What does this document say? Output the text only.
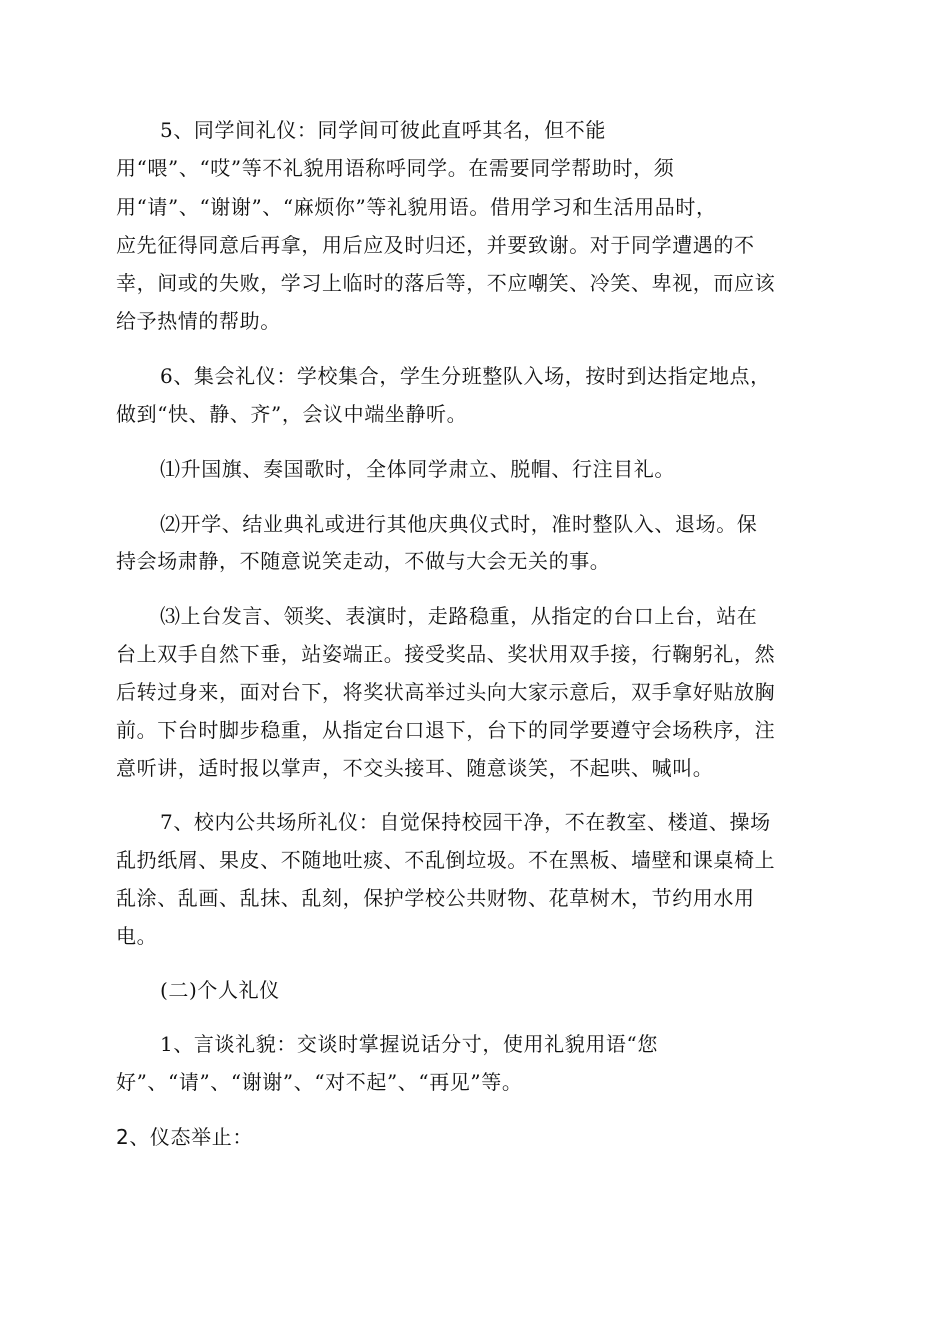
5、同学间礼仪：同学间可彼此直呼其名，但不能
用“喂”、“哎”等不礼貌用语称呼同学。在需要同学帮助时，须
用“请”、“谢谢”、“麻烦你”等礼貌用语。借用学习和生活用品时，
应先征得同意后再拿，用后应及时归还，并要致谢。对于同学遭遇的不
幸，间或的失败，学习上临时的落后等，不应嘲笑、冷笑、卑视，而应该
给予热情的帮助。
6、集会礼仪：学校集合，学生分班整队入场，按时到达指定地点，
做到“快、静、齐”，会议中端坐静听。
⑴升国旗、奏国歌时，全体同学肃立、脱帽、行注目礼。
⑵开学、结业典礼或进行其他庆典仪式时，准时整队入、退场。保
持会场肃静，不随意说笑走动，不做与大会无关的事。
⑶上台发言、领奖、表演时，走路稳重，从指定的台口上台，站在
台上双手自然下垂，站姿端正。接受奖品、奖状用双手接，行鞠躬礼，然
后转过身来，面对台下，将奖状高举过头向大家示意后，双手拿好贴放胸
前。下台时脚步稳重，从指定台口退下，台下的同学要遵守会场秩序，注
意听讲，适时报以掌声，不交头接耳、随意谈笑，不起哄、喊叫。
7、校内公共场所礼仪：自觉保持校园干净，不在教室、楼道、操场
乱扔纸屑、果皮、不随地吐痰、不乱倒垃圾。不在黑板、墙壁和课桌椅上
乱涂、乱画、乱抹、乱刻，保护学校公共财物、花草树木，节约用水用
电。
(二)个人礼仪
1、言谈礼貌：交谈时掌握说话分寸，使用礼貌用语“您
好”、“请”、“谢谢”、“对不起”、“再见”等。
2、仪态举止：
